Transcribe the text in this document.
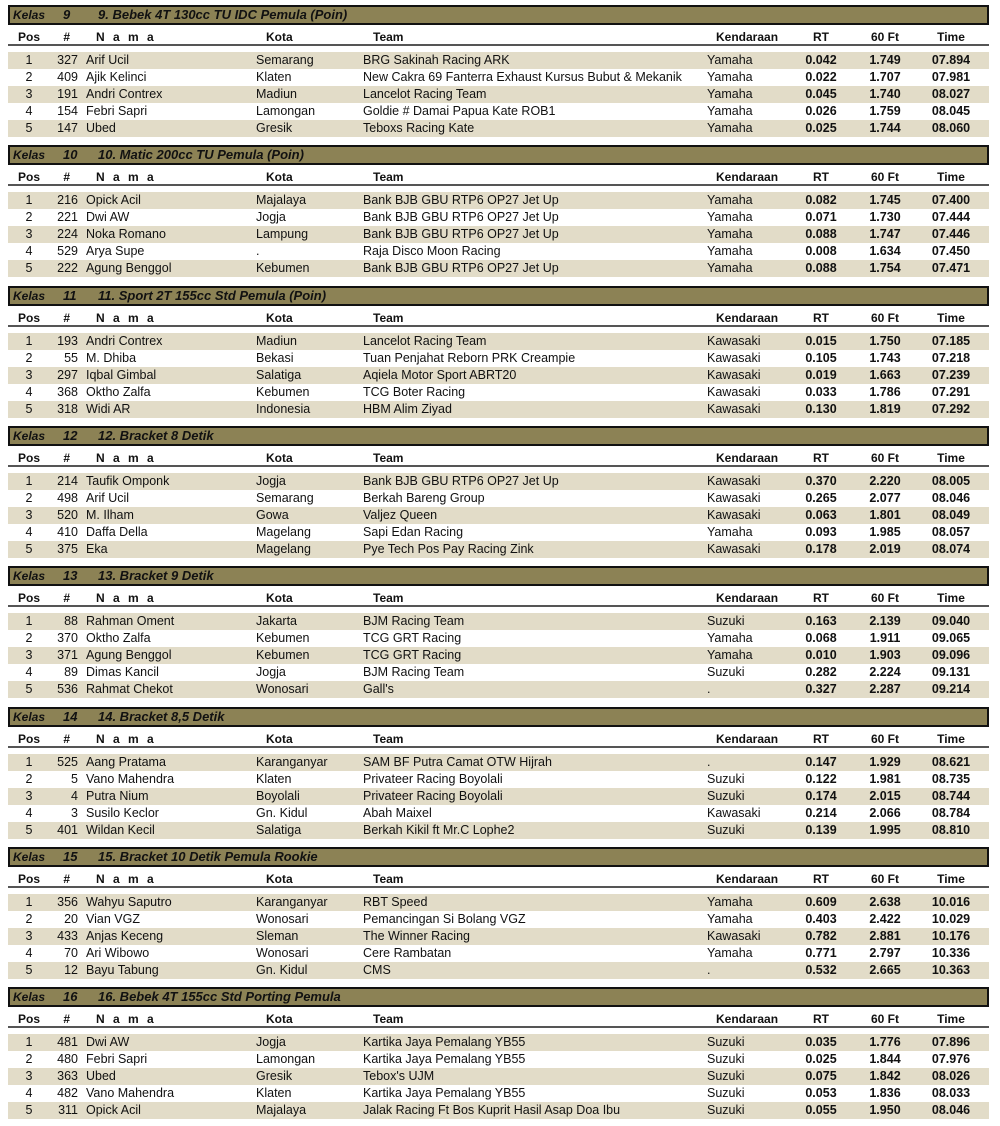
Kelas 9 9. Bebek 4T 130cc TU IDC Pemula (Poin)
Pos	# N a m a	Kota	Team	Kendaraan	RT	60 Ft	Time
1	327 Arif Ucil	Semarang	BRG Sakinah Racing ARK	Yamaha	0.042	1.749	07.894
2	409 Ajik Kelinci	Klaten	New Cakra 69 Fanterra Exhaust Kursus Bubut & Mekanik Yamaha	0.022	1.707	07.981
3	191 Andri Contrex	Madiun	Lancelot Racing Team	Yamaha	0.045	1.740	08.027
4	154 Febri Sapri	Lamongan	Goldie # Damai Papua Kate ROB1	Yamaha	0.026	1.759	08.045
5	147 Ubed	Gresik	Teboxs Racing Kate	Yamaha	0.025	1.744	08.060
Kelas 10 10. Matic 200cc TU Pemula (Poin)
Pos	# N a m a	Kota	Team	Kendaraan	RT	60 Ft	Time
1	216 Opick Acil	Majalaya	Bank BJB GBU RTP6 OP27 Jet Up	Yamaha	0.082	1.745	07.400
2	221 Dwi AW	Jogja	Bank BJB GBU RTP6 OP27 Jet Up	Yamaha	0.071	1.730	07.444
3	224 Noka Romano	Lampung	Bank BJB GBU RTP6 OP27 Jet Up	Yamaha	0.088	1.747	07.446
4	529 Arya Supe	.	Raja Disco Moon Racing	Yamaha	0.008	1.634	07.450
5	222 Agung Benggol	Kebumen	Bank BJB GBU RTP6 OP27 Jet Up	Yamaha	0.088	1.754	07.471
Kelas 11 11. Sport 2T 155cc Std Pemula (Poin)
Pos	# N a m a	Kota	Team	Kendaraan	RT	60 Ft	Time
1	193 Andri Contrex	Madiun	Lancelot Racing Team	Kawasaki	0.015	1.750	07.185
2	55 M. Dhiba	Bekasi	Tuan Penjahat Reborn PRK Creampie	Kawasaki	0.105	1.743	07.218
3	297 Iqbal Gimbal	Salatiga	Aqiela Motor Sport ABRT20	Kawasaki	0.019	1.663	07.239
4	368 Oktho Zalfa	Kebumen	TCG Boter Racing	Kawasaki	0.033	1.786	07.291
5	318 Widi AR	Indonesia	HBM Alim Ziyad	Kawasaki	0.130	1.819	07.292
Kelas 12 12. Bracket 8 Detik
Pos	# N a m a	Kota	Team	Kendaraan	RT	60 Ft	Time
1	214 Taufik Omponk	Jogja	Bank BJB GBU RTP6 OP27 Jet Up	Kawasaki	0.370	2.220	08.005
2	498 Arif Ucil	Semarang	Berkah Bareng Group	Kawasaki	0.265	2.077	08.046
3	520 M. Ilham	Gowa	Valjez Queen	Kawasaki	0.063	1.801	08.049
4	410 Daffa Della	Magelang	Sapi Edan Racing	Yamaha	0.093	1.985	08.057
5	375 Eka	Magelang	Pye Tech Pos Pay Racing Zink	Kawasaki	0.178	2.019	08.074
Kelas 13 13. Bracket 9 Detik
Pos	# N a m a	Kota	Team	Kendaraan	RT	60 Ft	Time
1	88 Rahman Oment	Jakarta	BJM Racing Team	Suzuki	0.163	2.139	09.040
2	370 Oktho Zalfa	Kebumen	TCG GRT Racing	Yamaha	0.068	1.911	09.065
3	371 Agung Benggol	Kebumen	TCG GRT Racing	Yamaha	0.010	1.903	09.096
4	89 Dimas Kancil	Jogja	BJM Racing Team	Suzuki	0.282	2.224	09.131
5	536 Rahmat Chekot	Wonosari	Gall's	.	0.327	2.287	09.214
Kelas 14 14. Bracket 8,5 Detik
Pos	# N a m a	Kota	Team	Kendaraan	RT	60 Ft	Time
1	525 Aang Pratama	Karanganyar	SAM BF Putra Camat OTW Hijrah	.	0.147	1.929	08.621
2	5 Vano Mahendra	Klaten	Privateer Racing Boyolali	Suzuki	0.122	1.981	08.735
3	4 Putra Nium	Boyolali	Privateer Racing Boyolali	Suzuki	0.174	2.015	08.744
4	3 Susilo Keclor	Gn. Kidul	Abah Maixel	Kawasaki	0.214	2.066	08.784
5	401 Wildan Kecil	Salatiga	Berkah Kikil ft Mr.C Lophe2	Suzuki	0.139	1.995	08.810
Kelas 15 15. Bracket 10 Detik Pemula Rookie
Pos	# N a m a	Kota	Team	Kendaraan	RT	60 Ft	Time
1	356 Wahyu Saputro	Karanganyar	RBT Speed	Yamaha	0.609	2.638	10.016
2	20 Vian VGZ	Wonosari	Pemancingan Si Bolang VGZ	Yamaha	0.403	2.422	10.029
3	433 Anjas Keceng	Sleman	The Winner Racing	Kawasaki	0.782	2.881	10.176
4	70 Ari Wibowo	Wonosari	Cere Rambatan	Yamaha	0.771	2.797	10.336
5	12 Bayu Tabung	Gn. Kidul	CMS	.	0.532	2.665	10.363
Kelas 16 16. Bebek 4T 155cc Std Porting Pemula
Pos	# N a m a	Kota	Team	Kendaraan	RT	60 Ft	Time
1	481 Dwi AW	Jogja	Kartika Jaya Pemalang YB55	Suzuki	0.035	1.776	07.896
2	480 Febri Sapri	Lamongan	Kartika Jaya Pemalang YB55	Suzuki	0.025	1.844	07.976
3	363 Ubed	Gresik	Tebox's UJM	Suzuki	0.075	1.842	08.026
4	482 Vano Mahendra	Klaten	Kartika Jaya Pemalang YB55	Suzuki	0.053	1.836	08.033
5	311 Opick Acil	Majalaya	Jalak Racing Ft Bos Kuprit Hasil Asap Doa Ibu	Suzuki	0.055	1.950	08.046
